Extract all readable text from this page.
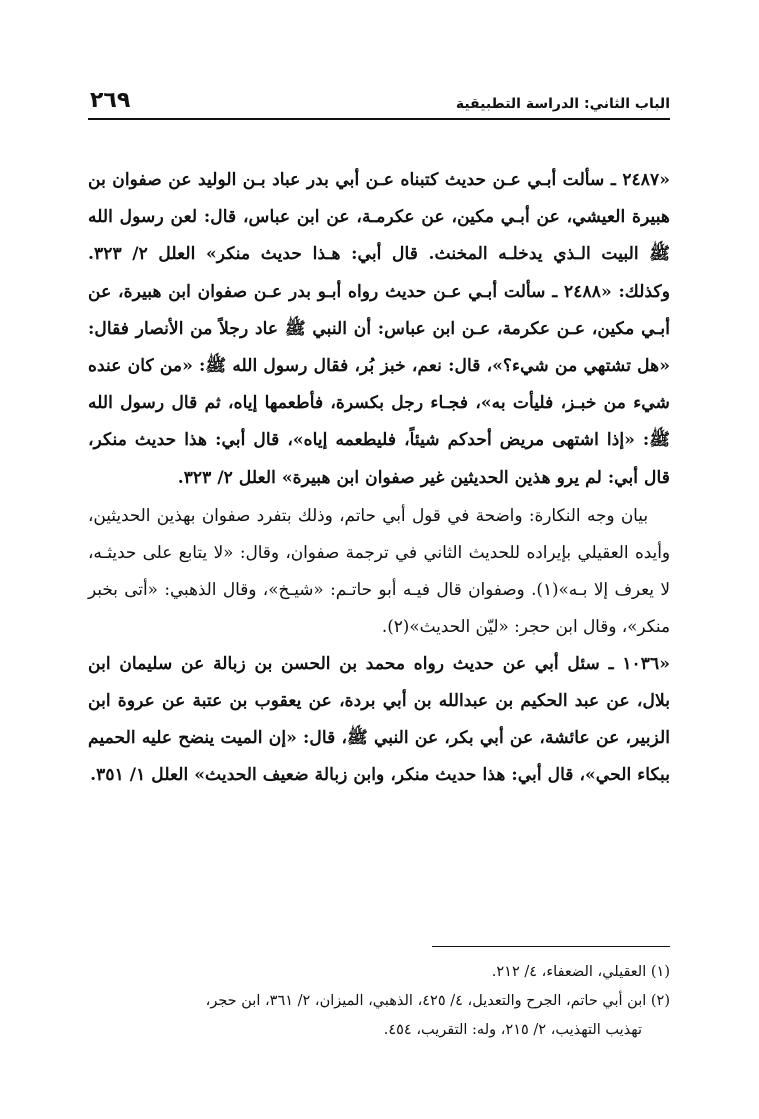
الباب الثاني: الدراسة التطبيقية
٢٦٩

«٢٤٨٧ ـ سألت أبـي عـن حديث كتبناه عـن أبي بدر عباد بـن الوليد عن صفوان بن هبيرة العيشي، عن أبـي مكين، عن عكرمـة، عن ابن عباس، قال: لعن رسول الله ﷺ البيت الـذي يدخلـه المخنث. قال أبي: هـذا حديث منكر» العلل ٢/ ٣٢٣. وكذلك: «٢٤٨٨ ـ سألت أبـي عـن حديث رواه أبـو بدر عـن صفوان ابن هبيرة، عن أبـي مكين، عـن عكرمة، عـن ابن عباس: أن النبي ﷺ عاد رجلاً من الأنصار فقال: «هل تشتهي من شيء؟»، قال: نعم، خبز بُر، فقال رسول الله ﷺ: «من كان عنده شيء من خبـز، فليأت به»، فجـاء رجل بكسرة، فأطعمها إياه، ثم قال رسول الله ﷺ: «إذا اشتهى مريض أحدكم شيئاً، فليطعمه إياه»، قال أبي: هذا حديث منكر، قال أبي: لم يرو هذين الحديثين غير صفوان ابن هبيرة» العلل ٢/ ٣٢٣.

بيان وجه النكارة: واضحة في قول أبي حاتم، وذلك بتفرد صفوان بهذين الحديثين، وأيده العقيلي بإيراده للحديث الثاني في ترجمة صفوان، وقال: «لا يتابع على حديثـه، لا يعرف إلا بـه»(١). وصفوان قال فيـه أبو حاتـم: «شيـخ»، وقال الذهبي: «أتى بخبر منكر»، وقال ابن حجر: «ليّن الحديث»(٢).

«١٠٣٦ ـ سئل أبي عن حديث رواه محمد بن الحسن بن زبالة عن سليمان ابن بلال، عن عبد الحكيم بن عبدالله بن أبي بردة، عن يعقوب بن عتبة عن عروة ابن الزبير، عن عائشة، عن أبي بكر، عن النبي ﷺ، قال: «إن الميت ينضح عليه الحميم ببكاء الحي»، قال أبي: هذا حديث منكر، وابن زبالة ضعيف الحديث» العلل ١/ ٣٥١.

(١) العقيلي، الضعفاء، ٤/ ٢١٢.

(٢) ابن أبي حاتم، الجرح والتعديل، ٤/ ٤٢٥، الذهبي، الميزان، ٢/ ٣٦١، ابن حجر،

تهذيب التهذيب، ٢/ ٢١٥، وله: التقريب، ٤٥٤.
